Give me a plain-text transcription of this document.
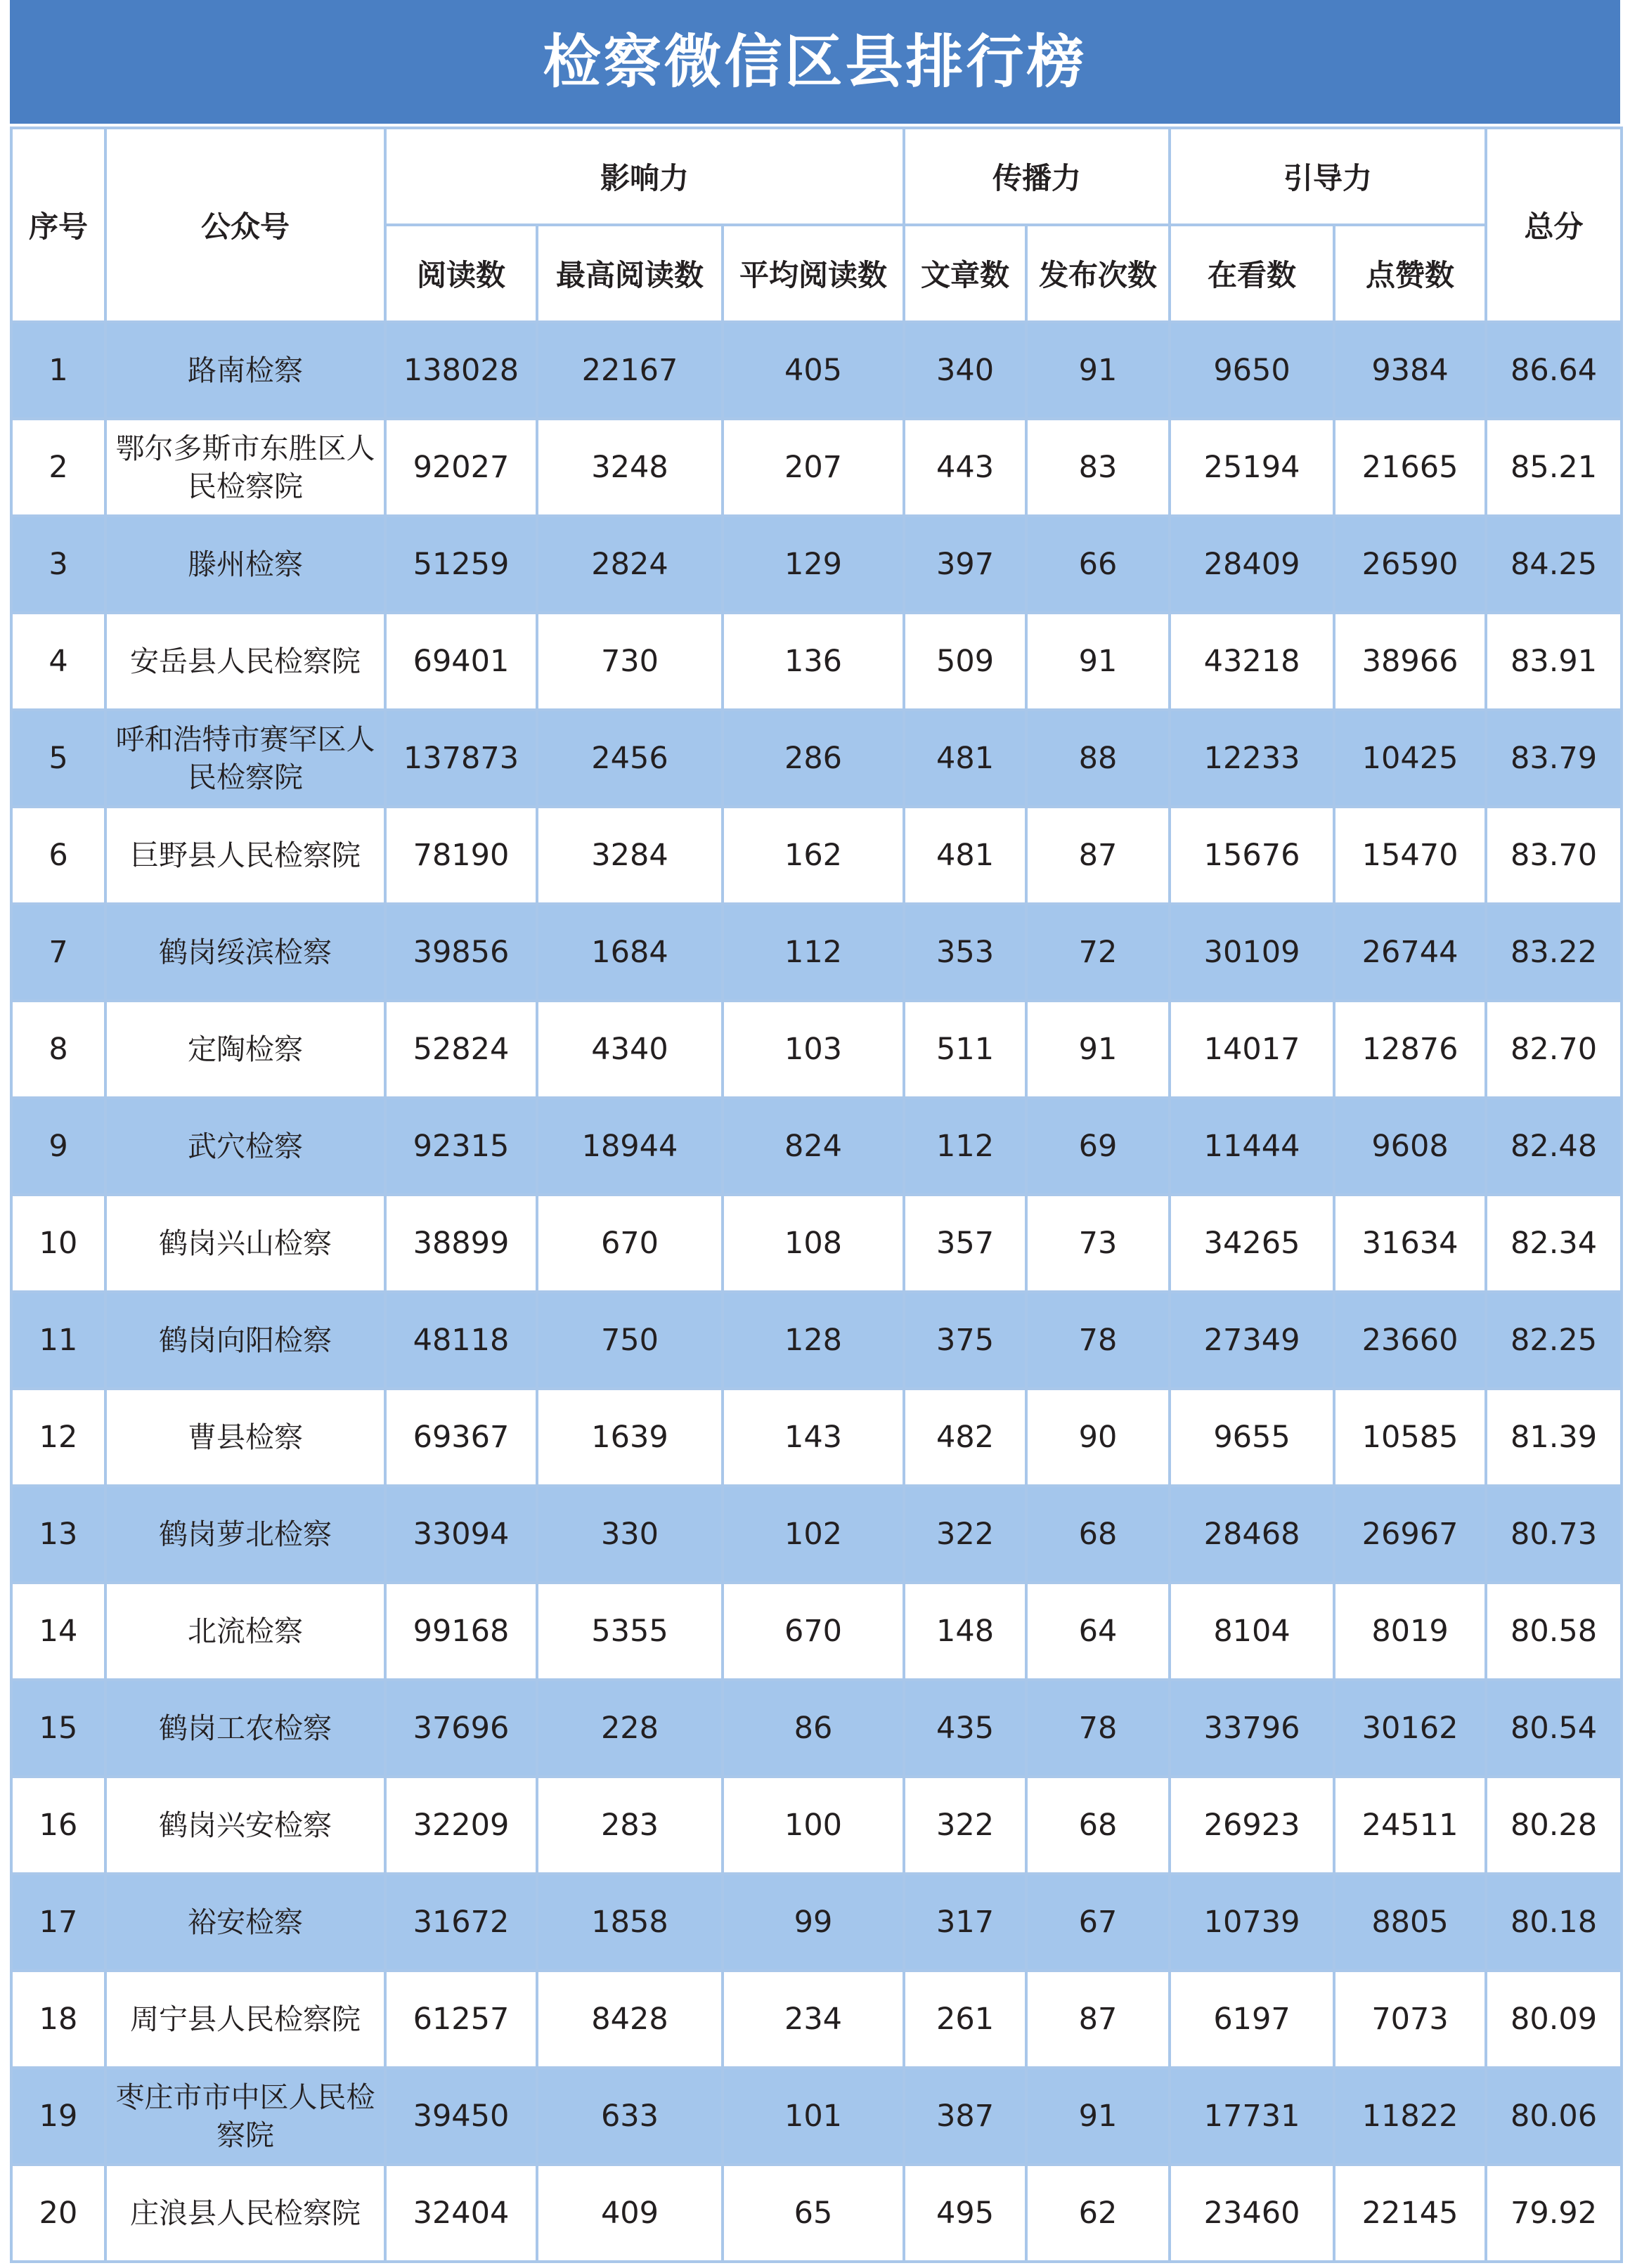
检察微信区县排行榜
序号	公众号	影响力			传播力		引导力		总分
		阅读数	最高阅读数	平均阅读数	文章数	发布次数	在看数	点赞数	
1	路南检察	138028	22167	405	340	91	9650	9384	86.64
2	鄂尔多斯市东胜区人民检察院	92027	3248	207	443	83	25194	21665	85.21
3	滕州检察	51259	2824	129	397	66	28409	26590	84.25
4	安岳县人民检察院	69401	730	136	509	91	43218	38966	83.91
5	呼和浩特市赛罕区人民检察院	137873	2456	286	481	88	12233	10425	83.79
6	巨野县人民检察院	78190	3284	162	481	87	15676	15470	83.70
7	鹤岗绥滨检察	39856	1684	112	353	72	30109	26744	83.22
8	定陶检察	52824	4340	103	511	91	14017	12876	82.70
9	武穴检察	92315	18944	824	112	69	11444	9608	82.48
10	鹤岗兴山检察	38899	670	108	357	73	34265	31634	82.34
11	鹤岗向阳检察	48118	750	128	375	78	27349	23660	82.25
12	曹县检察	69367	1639	143	482	90	9655	10585	81.39
13	鹤岗萝北检察	33094	330	102	322	68	28468	26967	80.73
14	北流检察	99168	5355	670	148	64	8104	8019	80.58
15	鹤岗工农检察	37696	228	86	435	78	33796	30162	80.54
16	鹤岗兴安检察	32209	283	100	322	68	26923	24511	80.28
17	裕安检察	31672	1858	99	317	67	10739	8805	80.18
18	周宁县人民检察院	61257	8428	234	261	87	6197	7073	80.09
19	枣庄市市中区人民检察院	39450	633	101	387	91	17731	11822	80.06
20	庄浪县人民检察院	32404	409	65	495	62	23460	22145	79.92
